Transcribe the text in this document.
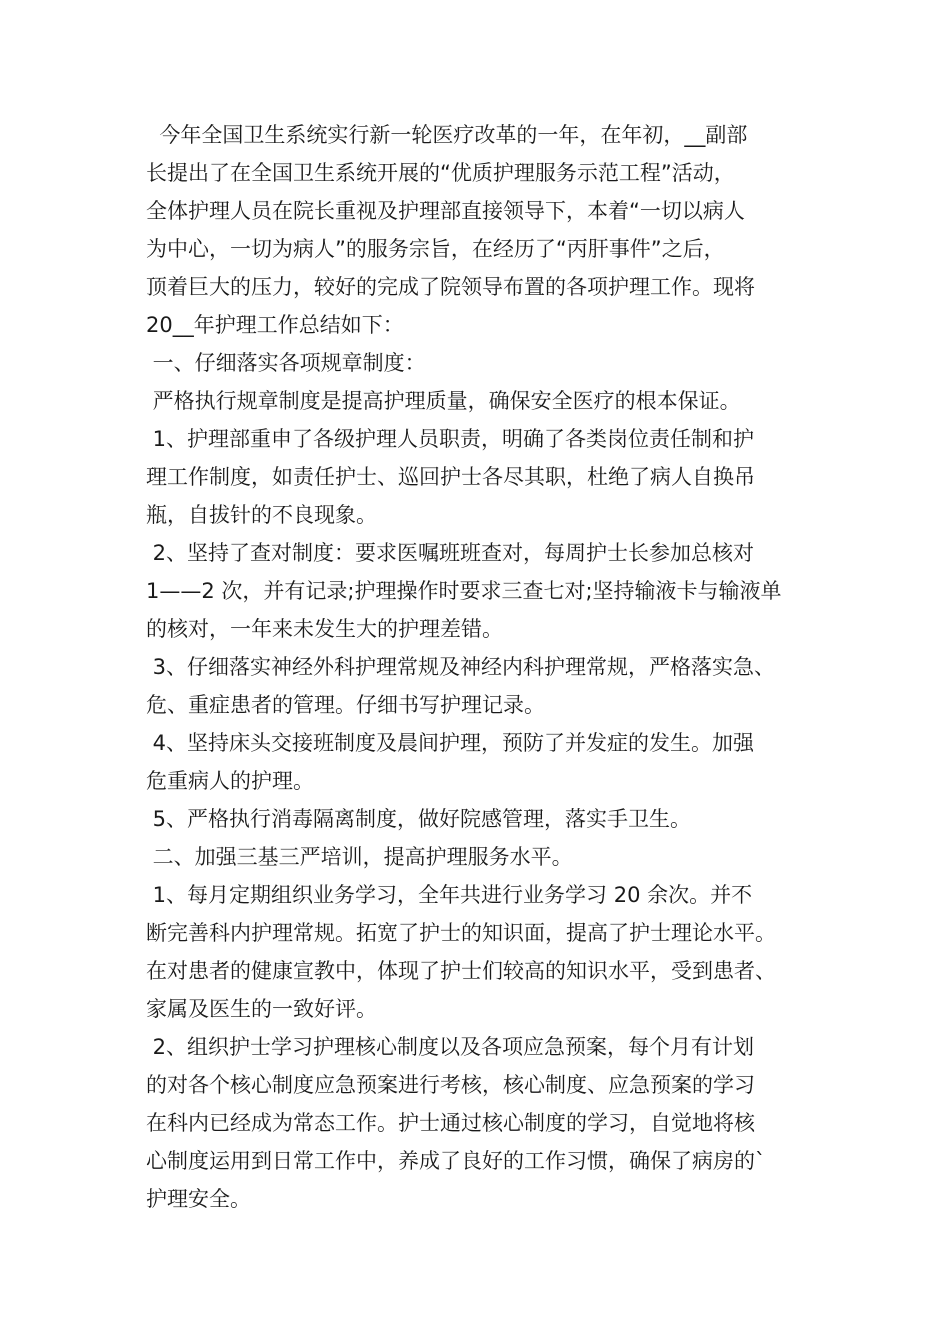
今年全国卫生系统实行新一轮医疗改革的一年，在年初，__副部
长提出了在全国卫生系统开展的“优质护理服务示范工程”活动，
全体护理人员在院长重视及护理部直接领导下，本着“一切以病人
为中心，一切为病人”的服务宗旨，在经历了“丙肝事件”之后，
顶着巨大的压力，较好的完成了院领导布置的各项护理工作。现将
20__年护理工作总结如下：
一、仔细落实各项规章制度：
严格执行规章制度是提高护理质量，确保安全医疗的根本保证。
1、护理部重申了各级护理人员职责，明确了各类岗位责任制和护
理工作制度，如责任护士、巡回护士各尽其职，杜绝了病人自换吊
瓶，自拔针的不良现象。
2、坚持了查对制度：要求医嘱班班查对，每周护士长参加总核对
1——2 次，并有记录;护理操作时要求三查七对;坚持输液卡与输液单
的核对，一年来未发生大的护理差错。
3、仔细落实神经外科护理常规及神经内科护理常规，严格落实急、
危、重症患者的管理。仔细书写护理记录。
4、坚持床头交接班制度及晨间护理，预防了并发症的发生。加强
危重病人的护理。
5、严格执行消毒隔离制度，做好院感管理，落实手卫生。
二、加强三基三严培训，提高护理服务水平。
1、每月定期组织业务学习，全年共进行业务学习 20 余次。并不
断完善科内护理常规。拓宽了护士的知识面，提高了护士理论水平。
在对患者的健康宣教中，体现了护士们较高的知识水平，受到患者、
家属及医生的一致好评。
2、组织护士学习护理核心制度以及各项应急预案，每个月有计划
的对各个核心制度应急预案进行考核，核心制度、应急预案的学习
在科内已经成为常态工作。护士通过核心制度的学习，自觉地将核
心制度运用到日常工作中，养成了良好的工作习惯，确保了病房的`
护理安全。
